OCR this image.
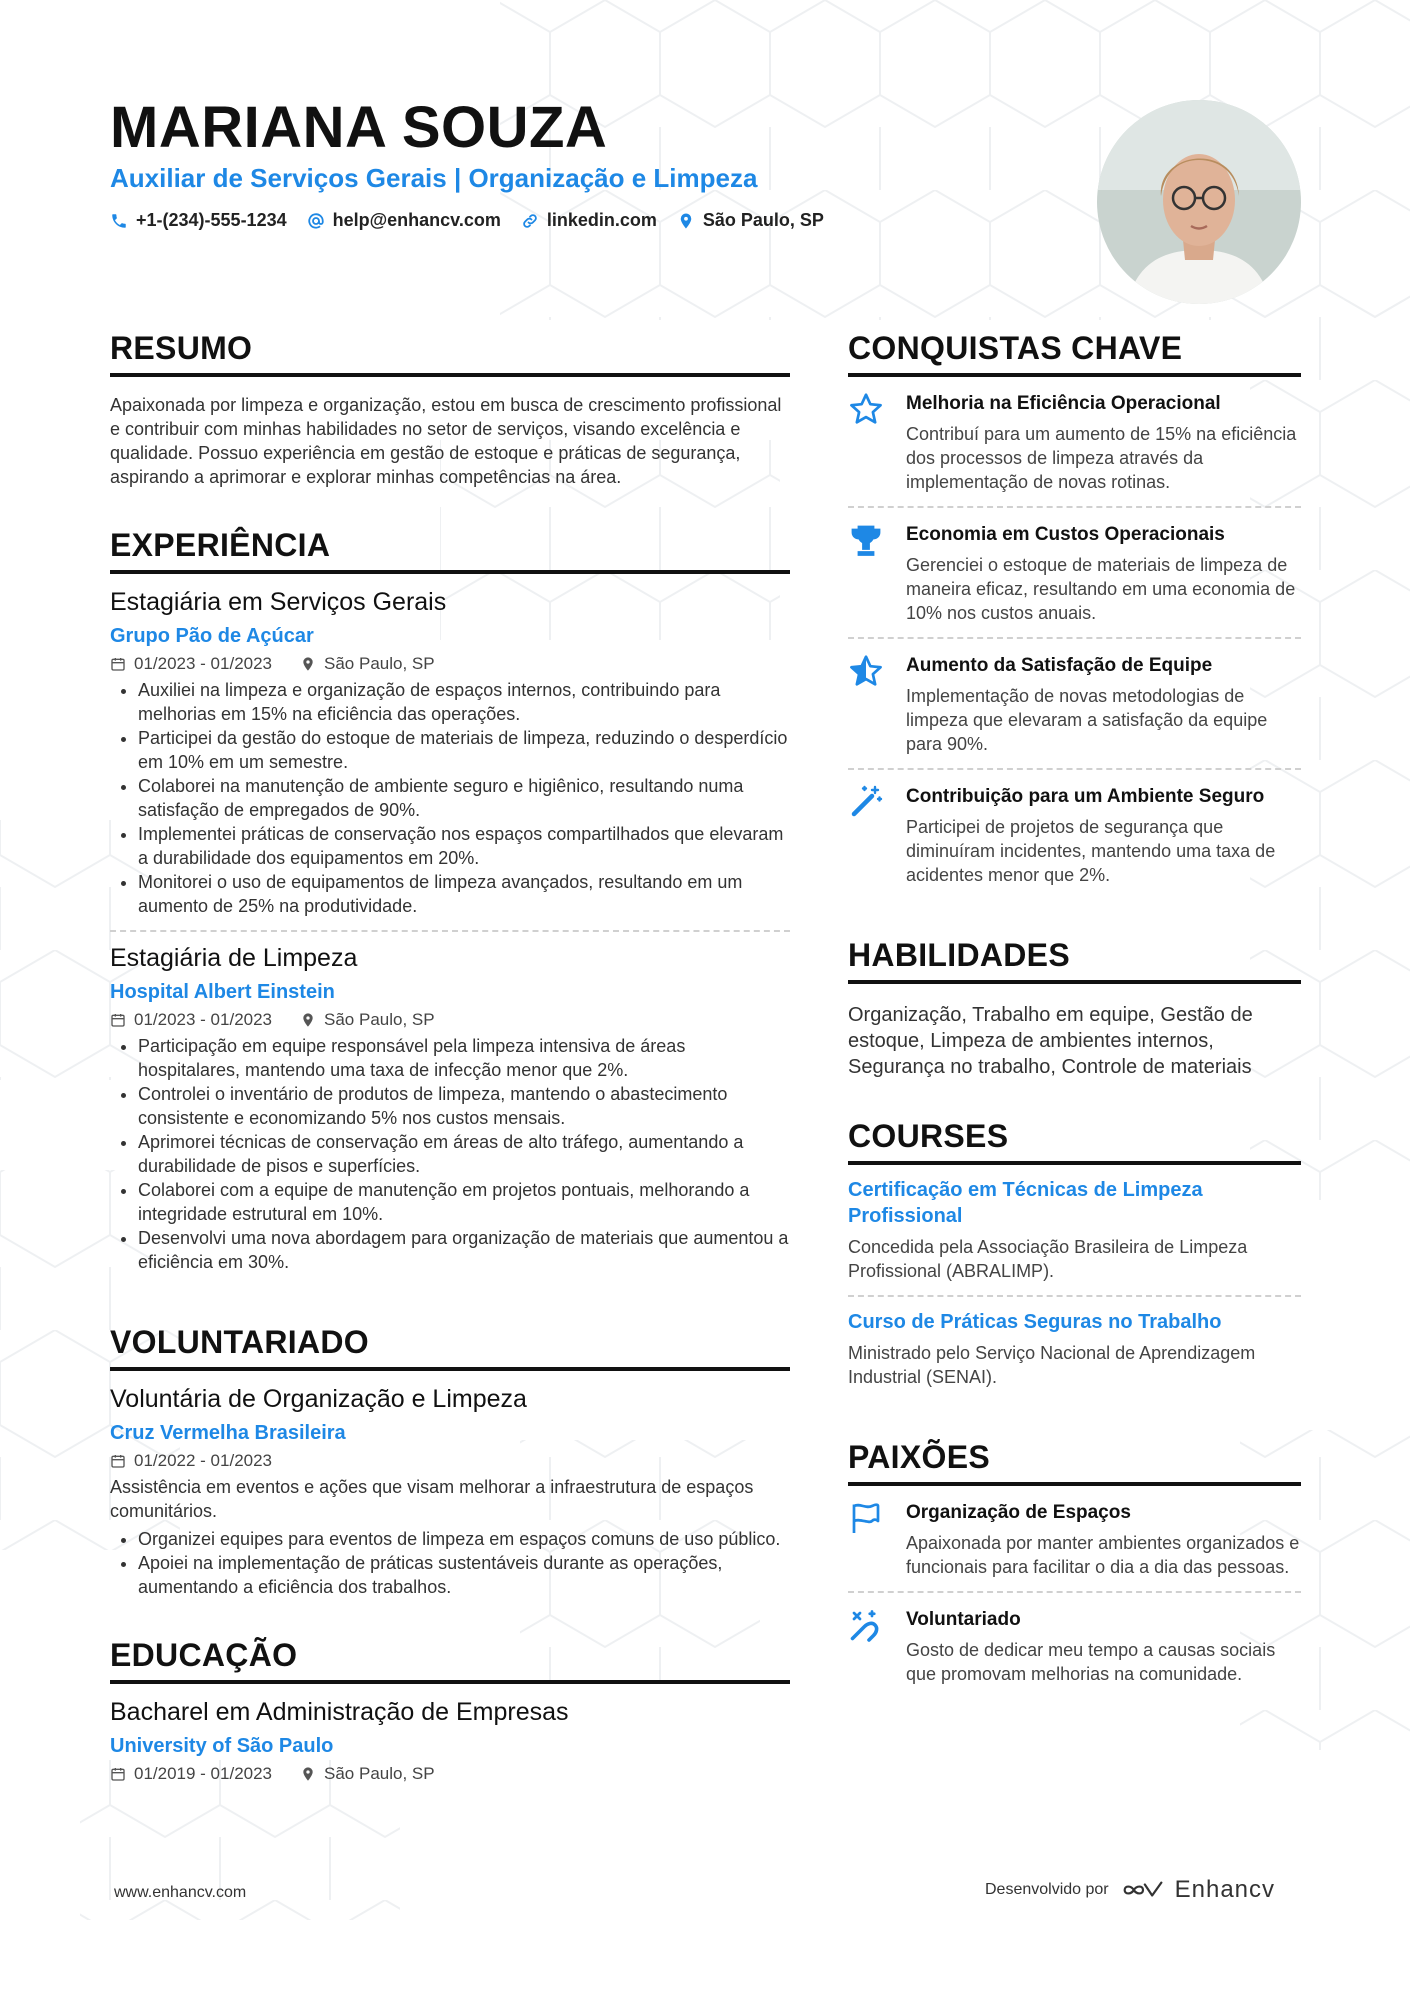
MARIANA SOUZA
Auxiliar de Serviços Gerais | Organização e Limpeza
+1-(234)-555-1234	help@enhancv.com	linkedin.com	São Paulo, SP
RESUMO
Apaixonada por limpeza e organização, estou em busca de crescimento profissional e contribuir com minhas habilidades no setor de serviços, visando excelência e qualidade. Possuo experiência em gestão de estoque e práticas de segurança, aspirando a aprimorar e explorar minhas competências na área.
EXPERIÊNCIA
Estagiária em Serviços Gerais
Grupo Pão de Açúcar
01/2023 - 01/2023	São Paulo, SP
• Auxiliei na limpeza e organização de espaços internos, contribuindo para melhorias em 15% na eficiência das operações.
• Participei da gestão do estoque de materiais de limpeza, reduzindo o desperdício em 10% em um semestre.
• Colaborei na manutenção de ambiente seguro e higiênico, resultando numa satisfação de empregados de 90%.
• Implementei práticas de conservação nos espaços compartilhados que elevaram a durabilidade dos equipamentos em 20%.
• Monitorei o uso de equipamentos de limpeza avançados, resultando em um aumento de 25% na produtividade.
Estagiária de Limpeza
Hospital Albert Einstein
01/2023 - 01/2023	São Paulo, SP
• Participação em equipe responsável pela limpeza intensiva de áreas hospitalares, mantendo uma taxa de infecção menor que 2%.
• Controlei o inventário de produtos de limpeza, mantendo o abastecimento consistente e economizando 5% nos custos mensais.
• Aprimorei técnicas de conservação em áreas de alto tráfego, aumentando a durabilidade de pisos e superfícies.
• Colaborei com a equipe de manutenção em projetos pontuais, melhorando a integridade estrutural em 10%.
• Desenvolvi uma nova abordagem para organização de materiais que aumentou a eficiência em 30%.
VOLUNTARIADO
Voluntária de Organização e Limpeza
Cruz Vermelha Brasileira
01/2022 - 01/2023
Assistência em eventos e ações que visam melhorar a infraestrutura de espaços comunitários.
• Organizei equipes para eventos de limpeza em espaços comuns de uso público.
• Apoiei na implementação de práticas sustentáveis durante as operações, aumentando a eficiência dos trabalhos.
EDUCAÇÃO
Bacharel em Administração de Empresas
University of São Paulo
01/2019 - 01/2023	São Paulo, SP
CONQUISTAS CHAVE
Melhoria na Eficiência Operacional
Contribuí para um aumento de 15% na eficiência dos processos de limpeza através da implementação de novas rotinas.
Economia em Custos Operacionais
Gerenciei o estoque de materiais de limpeza de maneira eficaz, resultando em uma economia de 10% nos custos anuais.
Aumento da Satisfação de Equipe
Implementação de novas metodologias de limpeza que elevaram a satisfação da equipe para 90%.
Contribuição para um Ambiente Seguro
Participei de projetos de segurança que diminuíram incidentes, mantendo uma taxa de acidentes menor que 2%.
HABILIDADES
Organização, Trabalho em equipe, Gestão de estoque, Limpeza de ambientes internos, Segurança no trabalho, Controle de materiais
COURSES
Certificação em Técnicas de Limpeza Profissional
Concedida pela Associação Brasileira de Limpeza Profissional (ABRALIMP).
Curso de Práticas Seguras no Trabalho
Ministrado pelo Serviço Nacional de Aprendizagem Industrial (SENAI).
PAIXÕES
Organização de Espaços
Apaixonada por manter ambientes organizados e funcionais para facilitar o dia a dia das pessoas.
Voluntariado
Gosto de dedicar meu tempo a causas sociais que promovam melhorias na comunidade.
www.enhancv.com	Desenvolvido por	Enhancv
